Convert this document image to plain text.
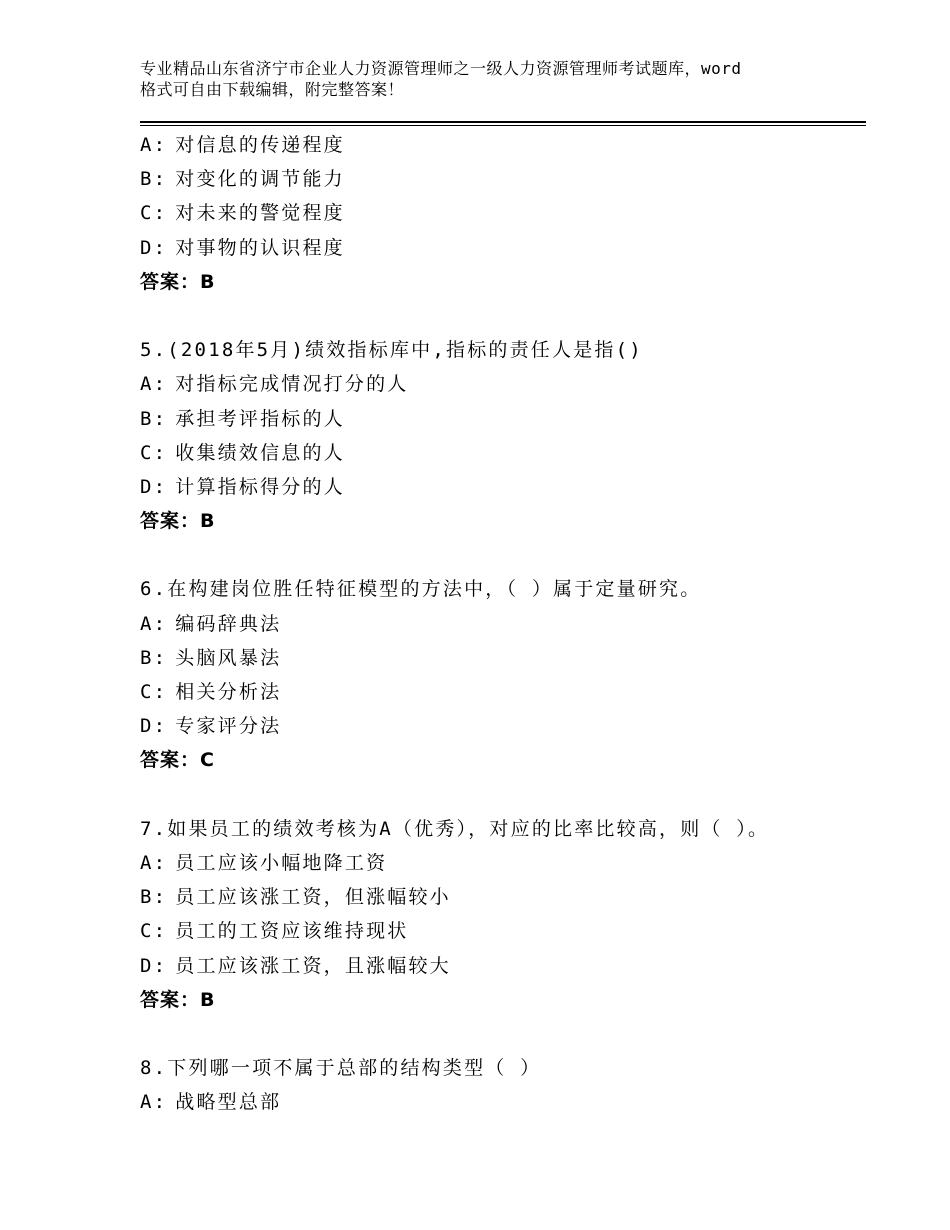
专业精品山东省济宁市企业人力资源管理师之一级人力资源管理师考试题库，word
格式可自由下载编辑，附完整答案！
A: 对信息的传递程度
B: 对变化的调节能力
C: 对未来的警觉程度
D: 对事物的认识程度
答案：B
5.(2018年5月)绩效指标库中,指标的责任人是指()
A: 对指标完成情况打分的人
B: 承担考评指标的人
C: 收集绩效信息的人
D: 计算指标得分的人
答案：B
6.在构建岗位胜任特征模型的方法中，（ ）属于定量研究。
A: 编码辞典法
B: 头脑风暴法
C: 相关分析法
D: 专家评分法
答案：C
7.如果员工的绩效考核为A（优秀），对应的比率比较高，则（ ）。
A: 员工应该小幅地降工资
B: 员工应该涨工资，但涨幅较小
C: 员工的工资应该维持现状
D: 员工应该涨工资，且涨幅较大
答案：B
8.下列哪一项不属于总部的结构类型（ ）
A: 战略型总部
